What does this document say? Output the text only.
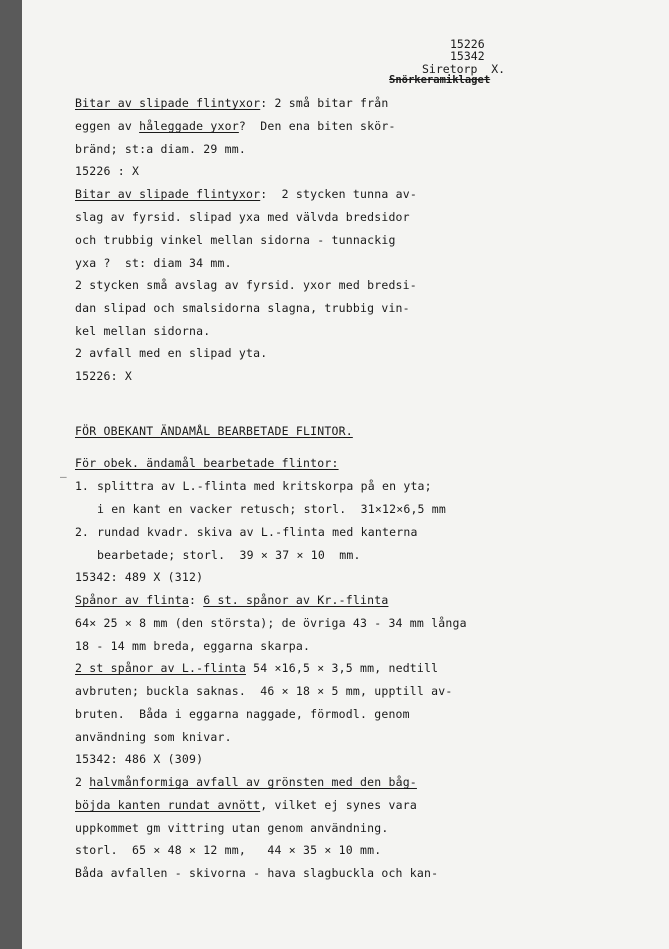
15226
15342
Siretorp  X.
Snörkeramiklaget
Bitar av slipade flintyxor: 2 små bitar från
eggen av håleggade yxor?  Den ena biten skör-
bränd; st:a diam. 29 mm.
15226 : X
Bitar av slipade flintyxor:  2 stycken tunna av-
slag av fyrsid. slipad yxa med välvda bredsidor
och trubbig vinkel mellan sidorna - tunnackig
yxa ?  st: diam 34 mm.
2 stycken små avslag av fyrsid. yxor med bredsi-
dan slipad och smalsidorna slagna, trubbig vin-
kel mellan sidorna.
2 avfall med en slipad yta.
15226: X
FÖR OBEKANT ÄNDAMÅL BEARBETADE FLINTOR.
För obek. ändamål bearbetade flintor:
–
1. splittra av L.-flinta med kritskorpa på en yta;
i en kant en vacker retusch; storl.  31×12×6,5 mm
2. rundad kvadr. skiva av L.-flinta med kanterna
bearbetade; storl.  39 × 37 × 10  mm.
15342: 489 X (312)
Spånor av flinta: 6 st. spånor av Kr.-flinta
64× 25 × 8 mm (den största); de övriga 43 - 34 mm långa
18 - 14 mm breda, eggarna skarpa.
2 st spånor av L.-flinta 54 ×16,5 × 3,5 mm, nedtill
avbruten; buckla saknas.  46 × 18 × 5 mm, upptill av-
bruten.  Båda i eggarna naggade, förmodl. genom
användning som knivar.
15342: 486 X (309)
2 halvmånformiga avfall av grönsten med den båg-
böjda kanten rundat avnött, vilket ej synes vara
uppkommet gm vittring utan genom användning.
storl.  65 × 48 × 12 mm,   44 × 35 × 10 mm.
Båda avfallen - skivorna - hava slagbuckla och kan-
